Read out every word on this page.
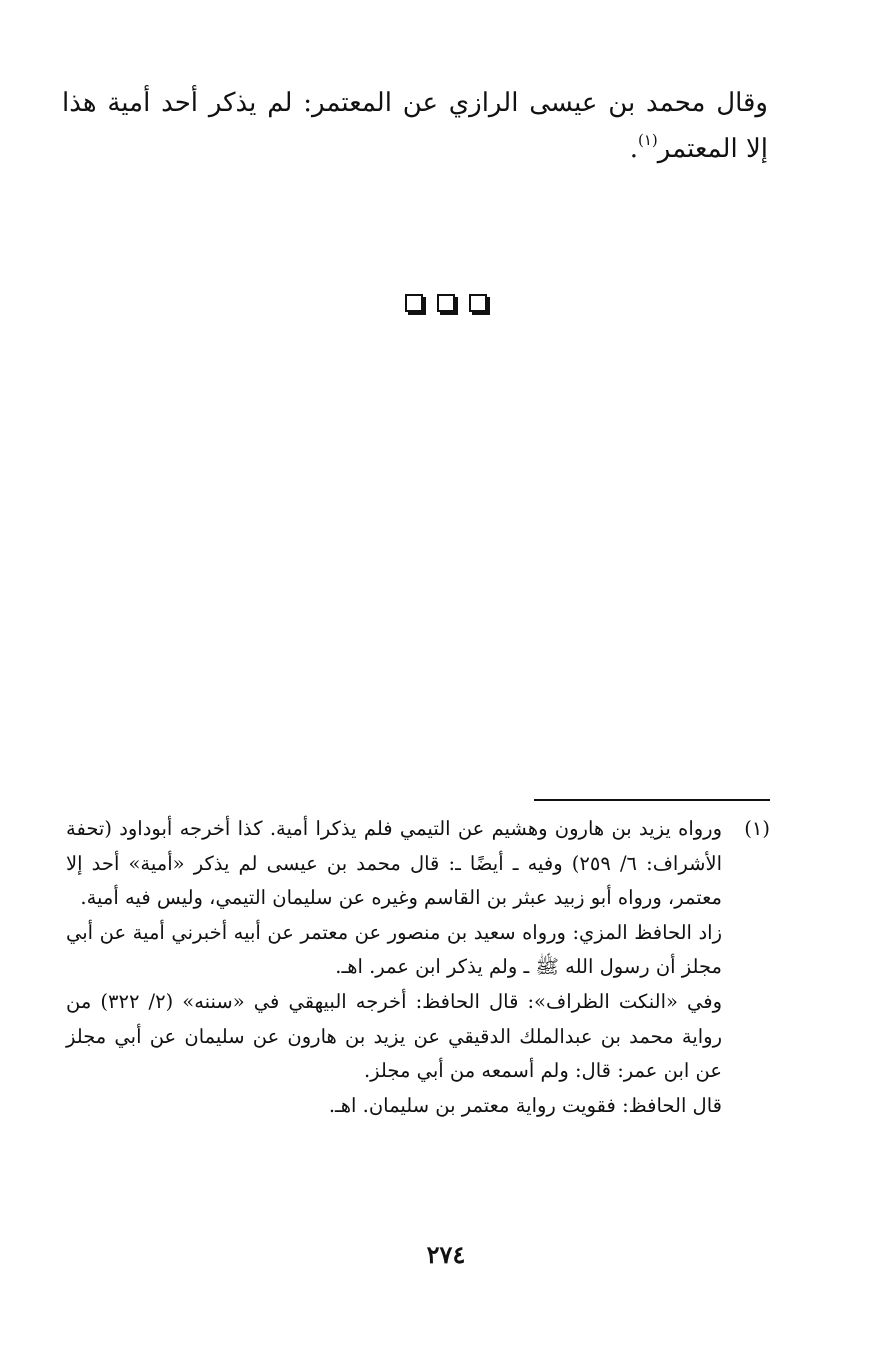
وقال محمد بن عيسى الرازي عن المعتمر: لم يذكر أحد أمية هذا إلا المعتمر$^{(١)}$.
(١)

ورواه يزيد بن هارون وهشيم عن التيمي فلم يذكرا أمية. كذا أخرجه أبوداود (تحفة الأشراف: ٦/ ٢٥٩) وفيه ـ أيضًا ـ: قال محمد بن عيسى لم يذكر «أمية» أحد إلا معتمر، ورواه أبو زبيد عبثر بن القاسم وغيره عن سليمان التيمي، وليس فيه أمية.

زاد الحافظ المزي: ورواه سعيد بن منصور عن معتمر عن أبيه أخبرني أمية عن أبي مجلز أن رسول الله ﷺ ـ ولم يذكر ابن عمر. اهـ.

وفي «النكت الظراف»: قال الحافظ: أخرجه البيهقي في «سننه» (٢/ ٣٢٢) من رواية محمد بن عبدالملك الدقيقي عن يزيد بن هارون عن سليمان عن أبي مجلز عن ابن عمر: قال: ولم أسمعه من أبي مجلز.

قال الحافظ: فقويت رواية معتمر بن سليمان. اهـ.

٢٧٤
